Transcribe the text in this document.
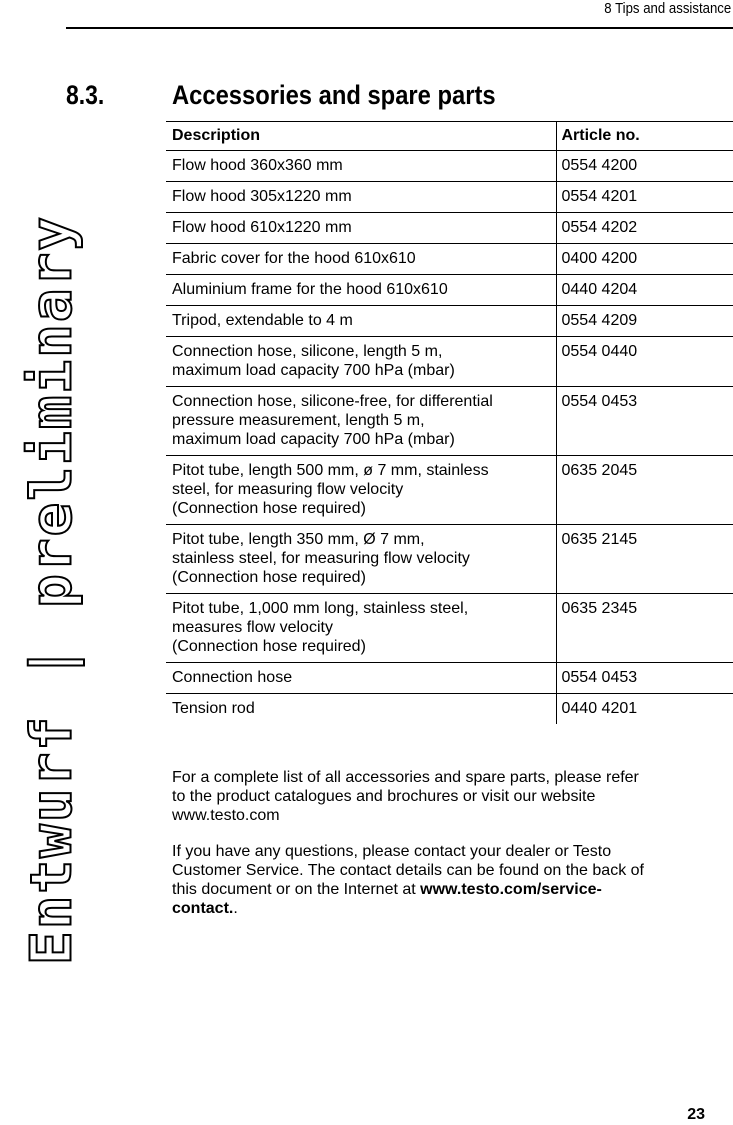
8 Tips and assistance
Entwurf | preliminary
8.3.	Accessories and spare parts
Description	Article no.

Flow hood 360x360 mm	0554 4200

Flow hood 305x1220 mm	0554 4201

Flow hood 610x1220 mm	0554 4202

Fabric cover for the hood 610x610	0400 4200

Aluminium frame for the hood 610x610	0440 4204

Tripod, extendable to 4 m	0554 4209

Connection hose, silicone, length 5 m,
maximum load capacity 700 hPa (mbar)	0554 0440

Connection hose, silicone-free, for differential
pressure measurement, length 5 m,
maximum load capacity 700 hPa (mbar)	0554 0453

Pitot tube, length 500 mm, ø 7 mm, stainless
steel, for measuring flow velocity
(Connection hose required)	0635 2045

Pitot tube, length 350 mm, Ø 7 mm,
stainless steel, for measuring flow velocity
(Connection hose required)	0635 2145

Pitot tube, 1,000 mm long, stainless steel,
measures flow velocity
(Connection hose required)	0635 2345

Connection hose	0554 0453

Tension rod	0440 4201
For a complete list of all accessories and spare parts, please refer
to the product catalogues and brochures or visit our website
www.testo.com
If you have any questions, please contact your dealer or Testo
Customer Service. The contact details can be found on the back of
this document or on the Internet at www.testo.com/service-
contact..
23
